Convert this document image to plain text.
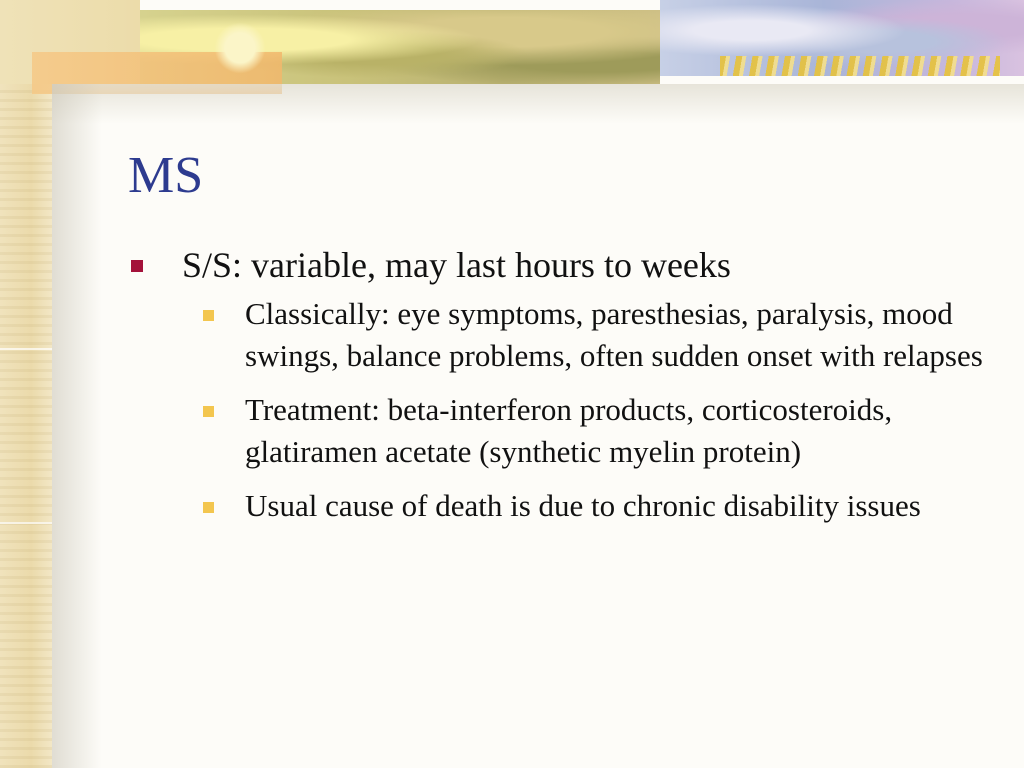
MS
S/S: variable, may last hours to weeks
Classically: eye symptoms, paresthesias, paralysis, mood swings, balance problems, often sudden onset with relapses
Treatment: beta-interferon products, corticosteroids, glatiramen acetate (synthetic myelin protein)
Usual cause of death is due to chronic disability issues
